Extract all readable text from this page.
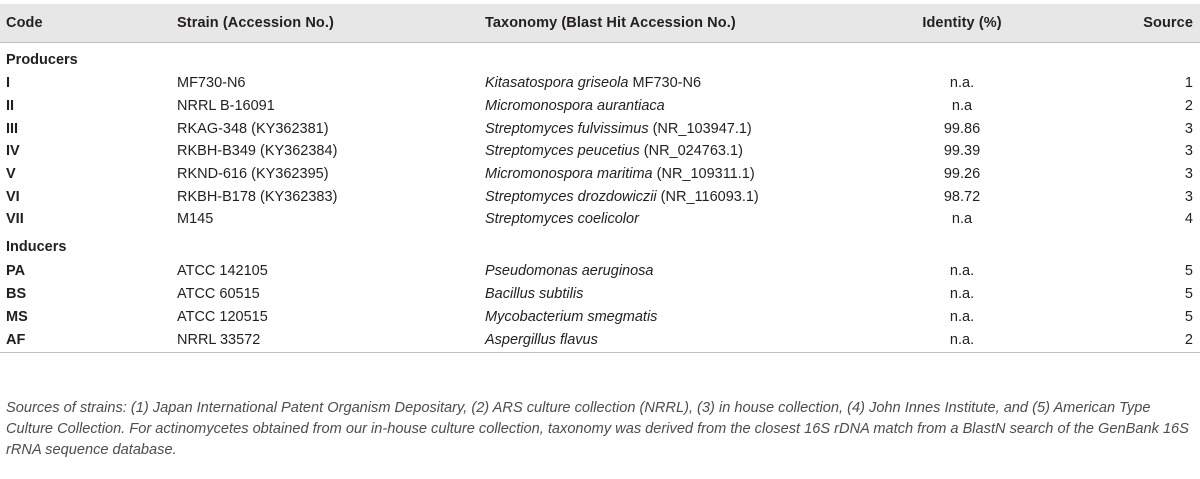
Code	Strain (Accession No.)	Taxonomy (Blast Hit Accession No.)	Identity (%)	Source
Producers				
I	MF730-N6	Kitasatospora griseola MF730-N6	n.a.	1
II	NRRL B-16091	Micromonospora aurantiaca	n.a	2
III	RKAG-348 (KY362381)	Streptomyces fulvissimus (NR_103947.1)	99.86	3
IV	RKBH-B349 (KY362384)	Streptomyces peucetius (NR_024763.1)	99.39	3
V	RKND-616 (KY362395)	Micromonospora maritima (NR_109311.1)	99.26	3
VI	RKBH-B178 (KY362383)	Streptomyces drozdowiczii (NR_116093.1)	98.72	3
VII	M145	Streptomyces coelicolor	n.a	4
Inducers				
PA	ATCC 142105	Pseudomonas aeruginosa	n.a.	5
BS	ATCC 60515	Bacillus subtilis	n.a.	5
MS	ATCC 120515	Mycobacterium smegmatis	n.a.	5
AF	NRRL 33572	Aspergillus flavus	n.a.	2
Sources of strains: (1) Japan International Patent Organism Depositary, (2) ARS culture collection (NRRL), (3) in house collection, (4) John Innes Institute, and (5) American Type Culture Collection. For actinomycetes obtained from our in-house culture collection, taxonomy was derived from the closest 16S rDNA match from a BlastN search of the GenBank 16S rRNA sequence database.
